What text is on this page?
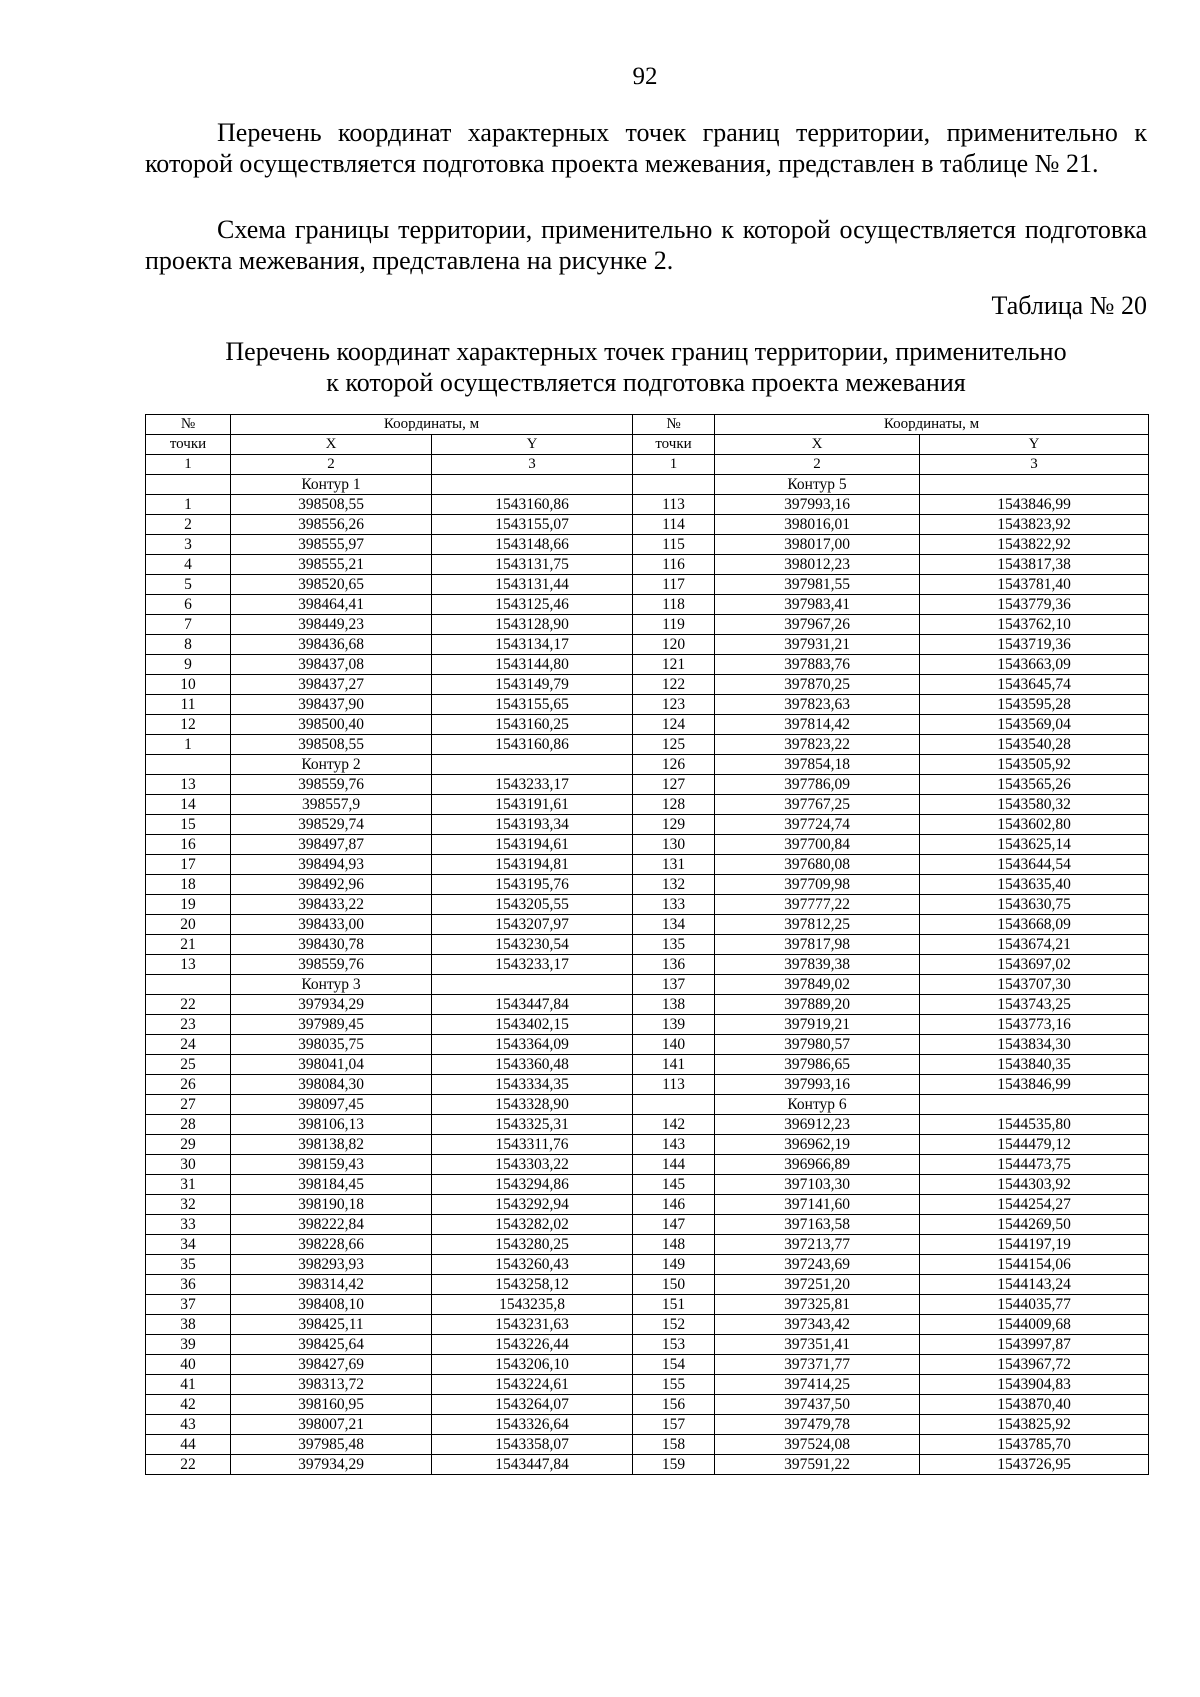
92

Перечень координат характерных точек границ территории, применительно к которой осуществляется подготовка проекта межевания, представлен в таблице № 21.

Схема границы территории, применительно к которой осуществляется подготовка проекта межевания, представлена на рисунке 2.

Таблица № 20
Перечень координат характерных точек границ территории, применительно
к которой осуществляется подготовка проекта межевания
№	Координаты, м		№	Координаты, м	
точки	X	Y	точки	X	Y
1	2	3	1	2	3
	Контур 1			Контур 5	
1	398508,55	1543160,86	113	397993,16	1543846,99
2	398556,26	1543155,07	114	398016,01	1543823,92
3	398555,97	1543148,66	115	398017,00	1543822,92
4	398555,21	1543131,75	116	398012,23	1543817,38
5	398520,65	1543131,44	117	397981,55	1543781,40
6	398464,41	1543125,46	118	397983,41	1543779,36
7	398449,23	1543128,90	119	397967,26	1543762,10
8	398436,68	1543134,17	120	397931,21	1543719,36
9	398437,08	1543144,80	121	397883,76	1543663,09
10	398437,27	1543149,79	122	397870,25	1543645,74
11	398437,90	1543155,65	123	397823,63	1543595,28
12	398500,40	1543160,25	124	397814,42	1543569,04
1	398508,55	1543160,86	125	397823,22	1543540,28
	Контур 2		126	397854,18	1543505,92
13	398559,76	1543233,17	127	397786,09	1543565,26
14	398557,9	1543191,61	128	397767,25	1543580,32
15	398529,74	1543193,34	129	397724,74	1543602,80
16	398497,87	1543194,61	130	397700,84	1543625,14
17	398494,93	1543194,81	131	397680,08	1543644,54
18	398492,96	1543195,76	132	397709,98	1543635,40
19	398433,22	1543205,55	133	397777,22	1543630,75
20	398433,00	1543207,97	134	397812,25	1543668,09
21	398430,78	1543230,54	135	397817,98	1543674,21
13	398559,76	1543233,17	136	397839,38	1543697,02
	Контур 3		137	397849,02	1543707,30
22	397934,29	1543447,84	138	397889,20	1543743,25
23	397989,45	1543402,15	139	397919,21	1543773,16
24	398035,75	1543364,09	140	397980,57	1543834,30
25	398041,04	1543360,48	141	397986,65	1543840,35
26	398084,30	1543334,35	113	397993,16	1543846,99
27	398097,45	1543328,90		Контур 6	
28	398106,13	1543325,31	142	396912,23	1544535,80
29	398138,82	1543311,76	143	396962,19	1544479,12
30	398159,43	1543303,22	144	396966,89	1544473,75
31	398184,45	1543294,86	145	397103,30	1544303,92
32	398190,18	1543292,94	146	397141,60	1544254,27
33	398222,84	1543282,02	147	397163,58	1544269,50
34	398228,66	1543280,25	148	397213,77	1544197,19
35	398293,93	1543260,43	149	397243,69	1544154,06
36	398314,42	1543258,12	150	397251,20	1544143,24
37	398408,10	1543235,8	151	397325,81	1544035,77
38	398425,11	1543231,63	152	397343,42	1544009,68
39	398425,64	1543226,44	153	397351,41	1543997,87
40	398427,69	1543206,10	154	397371,77	1543967,72
41	398313,72	1543224,61	155	397414,25	1543904,83
42	398160,95	1543264,07	156	397437,50	1543870,40
43	398007,21	1543326,64	157	397479,78	1543825,92
44	397985,48	1543358,07	158	397524,08	1543785,70
22	397934,29	1543447,84	159	397591,22	1543726,95
